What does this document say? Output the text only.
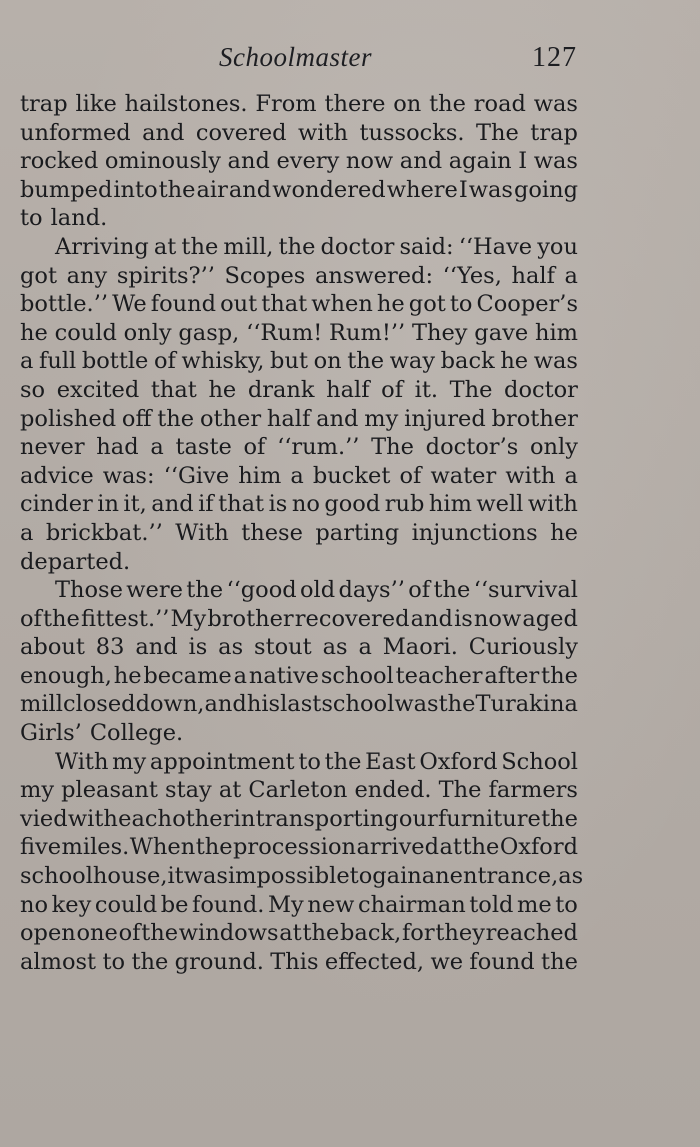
Schoolmaster	127
trap like hailstones. From there on the road was
unformed and covered with tussocks. The trap
rocked ominously and every now and again I was
bumped into the air and wondered where I was going
to land.
Arriving at the mill, the doctor said: ‘‘Have you
got any spirits?’’ Scopes answered: ‘‘Yes, half a
bottle.’’ We found out that when he got to Cooper’s
he could only gasp, ‘‘Rum! Rum!’’ They gave him
a full bottle of whisky, but on the way back he was
so excited that he drank half of it. The doctor
polished off the other half and my injured brother
never had a taste of ‘‘rum.’’ The doctor’s only
advice was: ‘‘Give him a bucket of water with a
cinder in it, and if that is no good rub him well with
a brickbat.’’ With these parting injunctions he
departed.
Those were the ‘‘good old days’’ of the ‘‘survival
of the fittest.’’ My brother recovered and is now aged
about 83 and is as stout as a Maori. Curiously
enough, he became a native school teacher after the
mill closed down, and his last school was the Turakina
Girls’ College.
With my appointment to the East Oxford School
my pleasant stay at Carleton ended. The farmers
vied with each other in transporting our furniture the
five miles. When the procession arrived at the Oxford
schoolhouse, it was impossible to gain an entrance, as
no key could be found. My new chairman told me to
open one of the windows at the back, for they reached
almost to the ground. This effected, we found the
